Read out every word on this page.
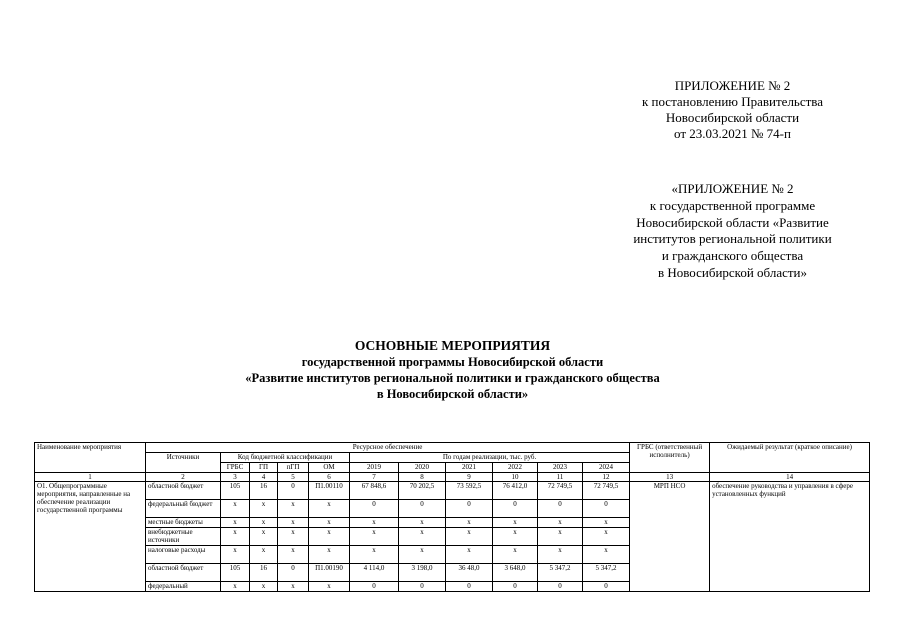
ПРИЛОЖЕНИЕ № 2
к постановлению Правительства
Новосибирской области
от 23.03.2021 № 74-п
«ПРИЛОЖЕНИЕ № 2
к государственной программе
Новосибирской области «Развитие
институтов региональной политики
и гражданского общества
в Новосибирской области»
ОСНОВНЫЕ МЕРОПРИЯТИЯ
государственной программы Новосибирской области
«Развитие институтов региональной политики и гражданского общества
в Новосибирской области»
Наименование мероприятия	Ресурсное обеспечение											ГРБС (ответственный исполнитель)	Ожидаемый результат (краткое описание)
	Источники	Код бюджетной классификации				По годам реализации, тыс. руб.							
		ГРБС	ГП	пГП	ОМ	2019	2020	2021	2022	2023	2024		
1	2	3	4	5	6	7	8	9	10	11	12	13	14
О1. Общепрограммные мероприятия, направленные на обеспечение реализации государственной программы	областной бюджет	105	16	0	П1.00110	67 848,6	70 202,5	73 592,5	76 412,0	72 749,5	72 749,5	МРП НСО	обеспечение руководства и управления в сфере установленных функций
	федеральный бюджет	х	х	х	х	0	0	0	0	0	0		
	местные бюджеты	х	х	х	х	х	х	х	х	х	х		
	внебюджетные источники	х	х	х	х	х	х	х	х	х	х		
	налоговые расходы	х	х	х	х	х	х	х	х	х	х		
	областной бюджет	105	16	0	П1.00190	4 114,0	3 198,0	36 48,0	3 648,0	5 347,2	5 347,2		
	федеральный	х	х	х	х	0	0	0	0	0	0		
